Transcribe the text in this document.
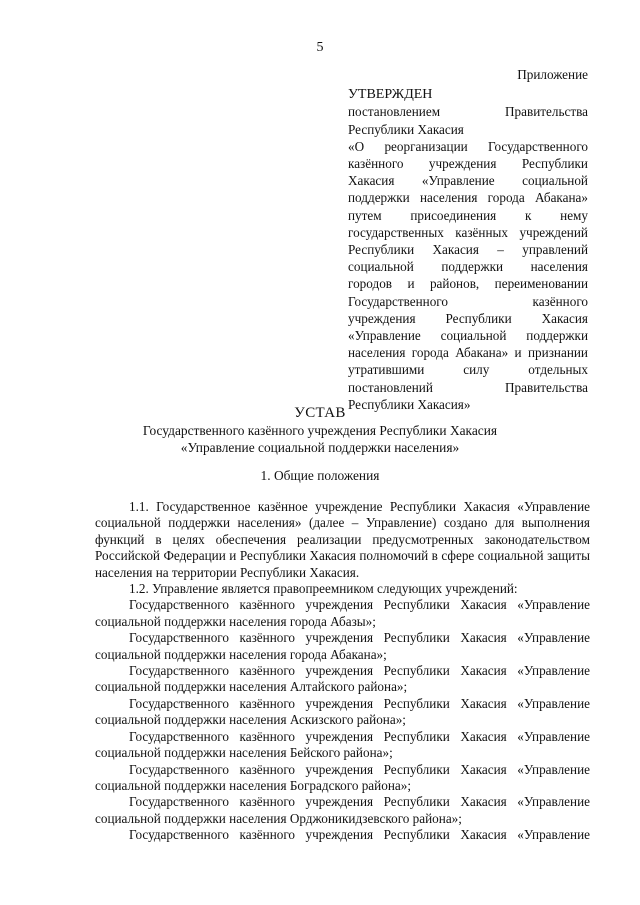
5
Приложение
УТВЕРЖДЕН
постановлением Правительства
Республики Хакасия
«О реорганизации Государственного
казённого учреждения Республики
Хакасия «Управление социальной
поддержки населения города Абакана»
путем присоединения к нему
государственных казённых учреждений
Республики Хакасия – управлений
социальной поддержки населения
городов и районов, переименовании
Государственного казённого
учреждения Республики Хакасия
«Управление социальной поддержки
населения города Абакана» и признании
утратившими силу отдельных
постановлений Правительства
Республики Хакасия»
УСТАВ
Государственного казённого учреждения Республики Хакасия
«Управление социальной поддержки населения»
1. Общие положения

1.1. Государственное казённое учреждение Республики Хакасия «Управление социальной поддержки населения» (далее – Управление) создано для выполнения функций в целях обеспечения реализации предусмотренных законодательством Российской Федерации и Республики Хакасия полномочий в сфере социальной защиты населения на территории Республики Хакасия.

1.2. Управление является правопреемником следующих учреждений:

Государственного казённого учреждения Республики Хакасия «Управление социальной поддержки населения города Абазы»;

Государственного казённого учреждения Республики Хакасия «Управление социальной поддержки населения города Абакана»;

Государственного казённого учреждения Республики Хакасия «Управление социальной поддержки населения Алтайского района»;

Государственного казённого учреждения Республики Хакасия «Управление социальной поддержки населения Аскизского района»;

Государственного казённого учреждения Республики Хакасия «Управление социальной поддержки населения Бейского района»;

Государственного казённого учреждения Республики Хакасия «Управление социальной поддержки населения Боградского района»;

Государственного казённого учреждения Республики Хакасия «Управление социальной поддержки населения Орджоникидзевского района»;

Государственного казённого учреждения Республики Хакасия «Управление
